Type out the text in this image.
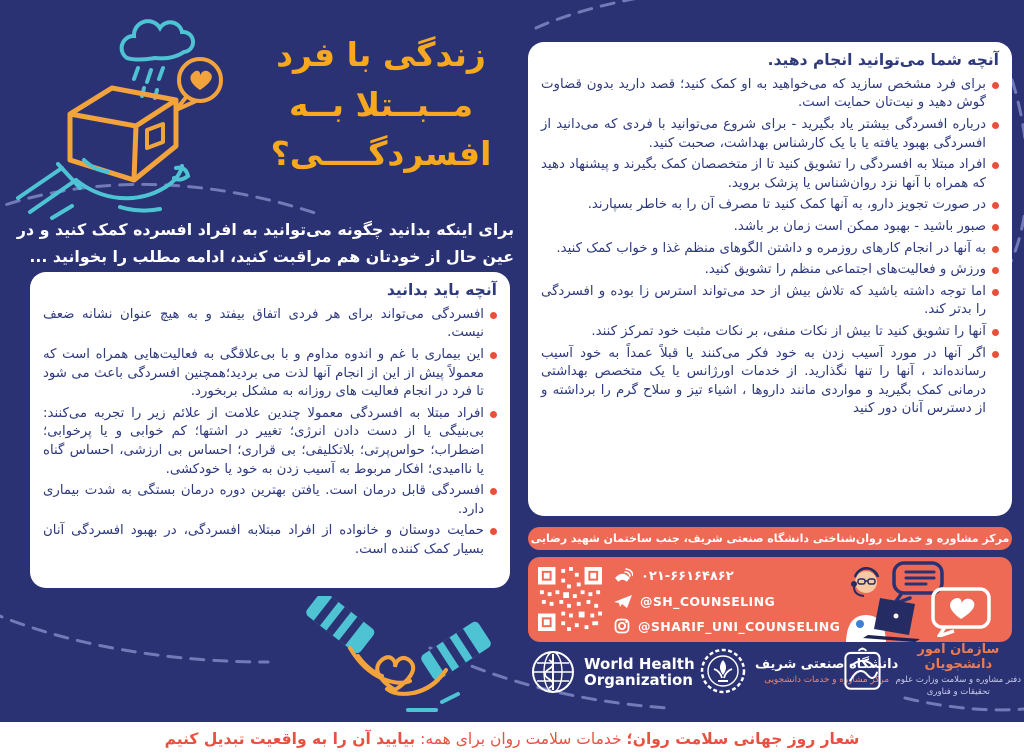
زندگی با فرد
مــبــتلا بــه
افسردگــــی؟
آنچه شما می‌توانید انجام دهید.
برای فرد مشخص سازید که می‌خواهید به او کمک کنید؛ قصد دارید بدون قضاوت گوش دهید و نیت‌تان حمایت است.
درباره افسردگی بیشتر یاد بگیرید - برای شروع می‌توانید با فردی که می‌دانید از افسردگی بهبود یافته یا با یک کارشناس بهداشت، صحبت کنید.
افراد مبتلا به افسردگی را تشویق کنید تا از متخصصان کمک بگیرند و پیشنهاد دهید که همراه با آنها نزد روان‌شناس یا پزشک بروید.
در صورت تجویز دارو، به آنها کمک کنید تا مصرف آن را به خاطر بسپارند.
صبور باشید - بهبود ممکن است زمان بر باشد.
به آنها در انجام کارهای روزمره و داشتن الگوهای منظم غذا و خواب کمک کنید.
ورزش و فعالیت‌های اجتماعی منظم را تشویق کنید.
اما توجه داشته باشید که تلاش بیش از حد می‌تواند استرس زا بوده و افسردگی را بدتر کند.
آنها را تشویق کنید تا بیش از نکات منفی، بر نکات مثبت خود تمرکز کنند.
اگر آنها در مورد آسیب زدن به خود فکر می‌کنند یا قبلاً عمداً به خود آسیب رسانده‌اند ، آنها را تنها نگذارید. از خدمات اورژانس یا یک متخصص بهداشتی درمانی کمک بگیرید و مواردی مانند داروها ، اشیاء تیز و سلاح گرم را برداشته و از دسترس آنان دور کنید
برای اینکه بدانید چگونه می‌توانید به افراد افسرده کمک کنید و در عین حال از خودتان هم مراقبت کنید، ادامه مطلب را بخوانید ...
آنچه باید بدانید
افسردگی می‌تواند برای هر فردی اتفاق بیفتد و به هیچ عنوان نشانه ضعف نیست.
این بیماری با غم و اندوه مداوم و با بی‌علاقگی به فعالیت‌هایی همراه است که معمولاً پیش از این از انجام آنها لذت می بردید؛همچنین افسردگی باعث می شود تا فرد در انجام فعالیت های روزانه به مشکل بربخورد.
افراد مبتلا به افسردگی معمولا چندین علامت از علائم زیر را تجربه می‌کنند: بی‌بنیگی یا از دست دادن انرژی؛ تغییر در اشتها؛ کم خوابی و یا پرخوابی؛ اضطراب؛ حواس‌پرتی؛ بلاتکلیفی؛ بی قراری؛ احساس بی ارزشی، احساس گناه یا ناامیدی؛ افکار مربوط به آسیب زدن به خود یا خودکشی.
افسردگی قابل درمان است. یافتن بهترین دوره درمان بستگی به شدت بیماری دارد.
حمایت دوستان و خانواده از افراد مبتلابه افسردگی، در بهبود افسردگی آنان بسیار کمک کننده است.
مرکز مشاوره و خدمات روان‌شناختی دانشگاه صنعتی شریف، جنب ساختمان شهید رضایی
۰۲۱-۶۶۱۶۴۸۶۲
@SH_COUNSELING
@SHARIF_UNI_COUNSELING
World Health
Organization
دانشگاه صنعتی شریف
مرکز مشاوره و خدمات دانشجویی
سازمان امور دانشجویان
دفتر مشاوره و سلامت وزارت علوم
تحقیقات و فناوری
شعار روز جهانی سلامت روان؛ خدمات سلامت روان برای همه: بیایید آن را به واقعیت تبدیل کنیم
